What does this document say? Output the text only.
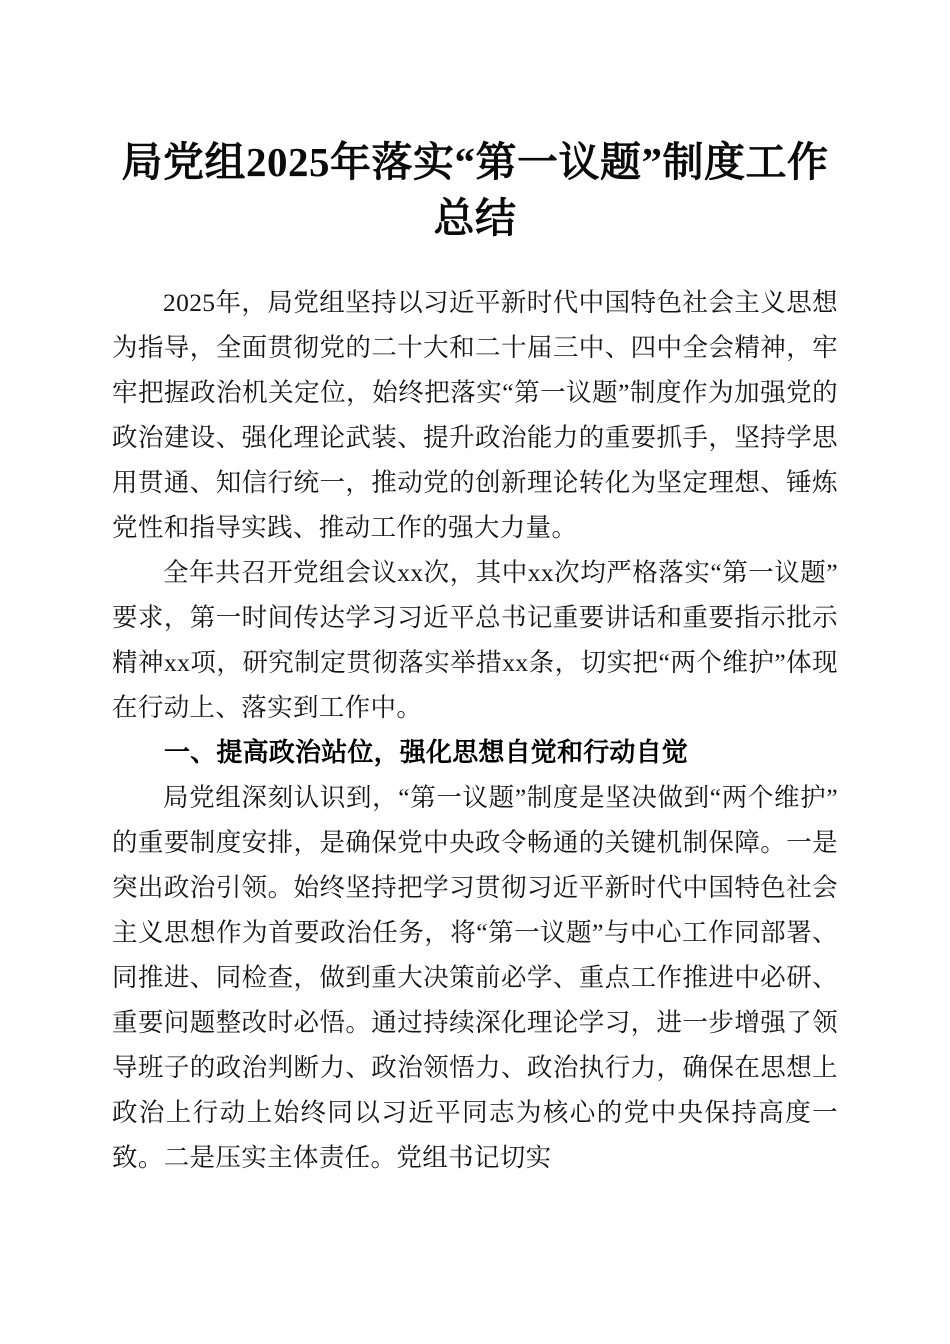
局党组2025年落实“第一议题”制度工作总结

2025年，局党组坚持以习近平新时代中国特色社会主义思想为指导，全面贯彻党的二十大和二十届三中、四中全会精神，牢牢把握政治机关定位，始终把落实“第一议题”制度作为加强党的政治建设、强化理论武装、提升政治能力的重要抓手，坚持学思用贯通、知信行统一，推动党的创新理论转化为坚定理想、锤炼党性和指导实践、推动工作的强大力量。

全年共召开党组会议xx次，其中xx次均严格落实“第一议题”要求，第一时间传达学习习近平总书记重要讲话和重要指示批示精神xx项，研究制定贯彻落实举措xx条，切实把“两个维护”体现在行动上、落实到工作中。

一、提高政治站位，强化思想自觉和行动自觉

局党组深刻认识到，“第一议题”制度是坚决做到“两个维护”的重要制度安排，是确保党中央政令畅通的关键机制保障。一是突出政治引领。始终坚持把学习贯彻习近平新时代中国特色社会主义思想作为首要政治任务，将“第一议题”与中心工作同部署、同推进、同检查，做到重大决策前必学、重点工作推进中必研、重要问题整改时必悟。通过持续深化理论学习，进一步增强了领导班子的政治判断力、政治领悟力、政治执行力，确保在思想上政治上行动上始终同以习近平同志为核心的党中央保持高度一致。二是压实主体责任。党组书记切实
